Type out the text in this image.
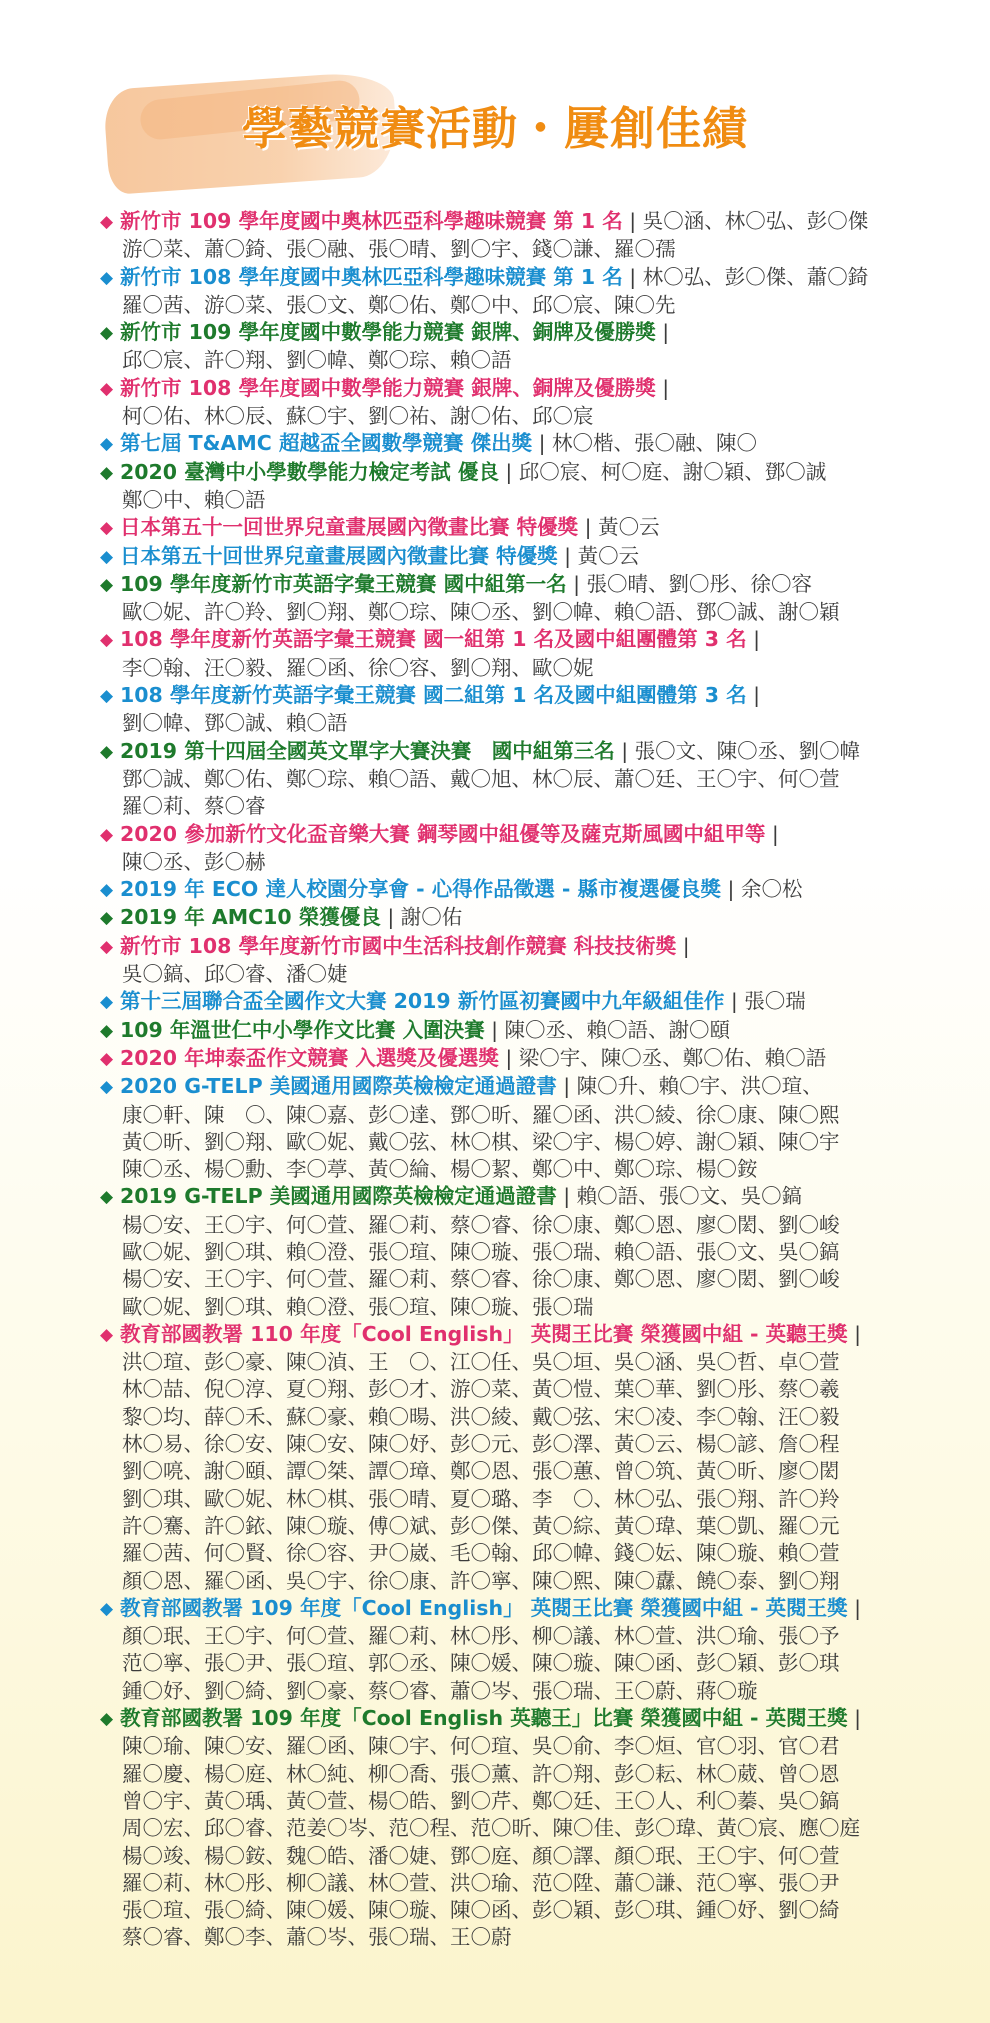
學藝競賽活動・屢創佳績
◆ 新竹市 109 學年度國中奧林匹亞科學趣味競賽 第 1 名 | 吳〇涵、林〇弘、彭〇傑
游〇菜、蕭〇錡、張〇融、張〇晴、劉〇宇、錢〇謙、羅〇孺
◆ 新竹市 108 學年度國中奧林匹亞科學趣味競賽 第 1 名 | 林〇弘、彭〇傑、蕭〇錡
羅〇茜、游〇菜、張〇文、鄭〇佑、鄭〇中、邱〇宸、陳〇先
◆ 新竹市 109 學年度國中數學能力競賽 銀牌、銅牌及優勝獎 |
邱〇宸、許〇翔、劉〇幃、鄭〇琮、賴〇語
◆ 新竹市 108 學年度國中數學能力競賽 銀牌、銅牌及優勝獎 |
柯〇佑、林〇辰、蘇〇宇、劉〇祐、謝〇佑、邱〇宸
◆ 第七屆 T&AMC 超越盃全國數學競賽 傑出獎 | 林〇楷、張〇融、陳〇
◆ 2020 臺灣中小學數學能力檢定考試 優良 | 邱〇宸、柯〇庭、謝〇穎、鄧〇誠
鄭〇中、賴〇語
◆ 日本第五十一回世界兒童畫展國內徵畫比賽 特優獎 | 黃〇云
◆ 日本第五十回世界兒童畫展國內徵畫比賽 特優獎 | 黃〇云
◆ 109 學年度新竹市英語字彙王競賽 國中組第一名 | 張〇晴、劉〇彤、徐〇容
歐〇妮、許〇羚、劉〇翔、鄭〇琮、陳〇丞、劉〇幃、賴〇語、鄧〇誠、謝〇穎
◆ 108 學年度新竹英語字彙王競賽 國一組第 1 名及國中組團體第 3 名 |
李〇翰、汪〇毅、羅〇函、徐〇容、劉〇翔、歐〇妮
◆ 108 學年度新竹英語字彙王競賽 國二組第 1 名及國中組團體第 3 名 |
劉〇幃、鄧〇誠、賴〇語
◆ 2019 第十四屆全國英文單字大賽決賽　國中組第三名 | 張〇文、陳〇丞、劉〇幃
鄧〇誠、鄭〇佑、鄭〇琮、賴〇語、戴〇旭、林〇辰、蕭〇廷、王〇宇、何〇萱
羅〇莉、蔡〇睿
◆ 2020 參加新竹文化盃音樂大賽 鋼琴國中組優等及薩克斯風國中組甲等 |
陳〇丞、彭〇赫
◆ 2019 年 ECO 達人校園分享會 - 心得作品徵選 - 縣市複選優良獎 | 余〇松
◆ 2019 年 AMC10 榮獲優良 | 謝〇佑
◆ 新竹市 108 學年度新竹市國中生活科技創作競賽 科技技術獎 |
吳〇鎬、邱〇睿、潘〇婕
◆ 第十三屆聯合盃全國作文大賽 2019 新竹區初賽國中九年級組佳作 | 張〇瑞
◆ 109 年溫世仁中小學作文比賽 入圍決賽 | 陳〇丞、賴〇語、謝〇頤
◆ 2020 年坤泰盃作文競賽 入選獎及優選獎 | 梁〇宇、陳〇丞、鄭〇佑、賴〇語
◆ 2020 G-TELP 美國通用國際英檢檢定通過證書 | 陳〇升、賴〇宇、洪〇瑄、
康〇軒、陳　〇、陳〇嘉、彭〇達、鄧〇昕、羅〇函、洪〇綾、徐〇康、陳〇熙
黃〇昕、劉〇翔、歐〇妮、戴〇弦、林〇棋、梁〇宇、楊〇婷、謝〇穎、陳〇宇
陳〇丞、楊〇勳、李〇葶、黃〇綸、楊〇絜、鄭〇中、鄭〇琮、楊〇銨
◆ 2019 G-TELP 美國通用國際英檢檢定通過證書 | 賴〇語、張〇文、吳〇鎬
楊〇安、王〇宇、何〇萱、羅〇莉、蔡〇睿、徐〇康、鄭〇恩、廖〇閎、劉〇峻
歐〇妮、劉〇琪、賴〇澄、張〇瑄、陳〇璇、張〇瑞、賴〇語、張〇文、吳〇鎬
楊〇安、王〇宇、何〇萱、羅〇莉、蔡〇睿、徐〇康、鄭〇恩、廖〇閎、劉〇峻
歐〇妮、劉〇琪、賴〇澄、張〇瑄、陳〇璇、張〇瑞
◆ 教育部國教署 110 年度「Cool English」 英閱王比賽 榮獲國中組 - 英聽王獎 |
洪〇瑄、彭〇豪、陳〇湞、王　〇、江〇任、吳〇垣、吳〇涵、吳〇哲、卓〇萱
林〇喆、倪〇淳、夏〇翔、彭〇才、游〇菜、黃〇愷、葉〇華、劉〇彤、蔡〇羲
黎〇均、薛〇禾、蘇〇豪、賴〇暘、洪〇綾、戴〇弦、宋〇凌、李〇翰、汪〇毅
林〇易、徐〇安、陳〇安、陳〇妤、彭〇元、彭〇澤、黃〇云、楊〇諺、詹〇程
劉〇喨、謝〇頤、譚〇桀、譚〇璋、鄭〇恩、張〇蕙、曾〇筑、黃〇昕、廖〇閎
劉〇琪、歐〇妮、林〇棋、張〇晴、夏〇璐、李　〇、林〇弘、張〇翔、許〇羚
許〇騫、許〇銥、陳〇璇、傅〇斌、彭〇傑、黃〇綜、黃〇瑋、葉〇凱、羅〇元
羅〇茜、何〇賢、徐〇容、尹〇崴、毛〇翰、邱〇幃、錢〇妘、陳〇璇、賴〇萱
顏〇恩、羅〇函、吳〇宇、徐〇康、許〇寧、陳〇熙、陳〇纛、饒〇泰、劉〇翔
◆ 教育部國教署 109 年度「Cool English」 英閱王比賽 榮獲國中組 - 英閱王獎 |
顏〇珉、王〇宇、何〇萱、羅〇莉、林〇彤、柳〇議、林〇萱、洪〇瑜、張〇予
范〇寧、張〇尹、張〇瑄、郭〇丞、陳〇媛、陳〇璇、陳〇函、彭〇穎、彭〇琪
鍾〇妤、劉〇綺、劉〇豪、蔡〇睿、蕭〇岑、張〇瑞、王〇蔚、蔣〇璇
◆ 教育部國教署 109 年度「Cool English 英聽王」比賽 榮獲國中組 - 英閱王獎 |
陳〇瑜、陳〇安、羅〇函、陳〇宇、何〇瑄、吳〇俞、李〇烜、官〇羽、官〇君
羅〇慶、楊〇庭、林〇純、柳〇喬、張〇薰、許〇翔、彭〇耘、林〇葳、曾〇恩
曾〇宇、黃〇瑀、黃〇萱、楊〇皓、劉〇芹、鄭〇廷、王〇人、利〇蓁、吳〇鎬
周〇宏、邱〇睿、范姜〇岑、范〇程、范〇昕、陳〇佳、彭〇瑋、黃〇宸、應〇庭
楊〇竣、楊〇銨、魏〇皓、潘〇婕、鄧〇庭、顏〇譯、顏〇珉、王〇宇、何〇萱
羅〇莉、林〇彤、柳〇議、林〇萱、洪〇瑜、范〇陞、蕭〇謙、范〇寧、張〇尹
張〇瑄、張〇綺、陳〇媛、陳〇璇、陳〇函、彭〇穎、彭〇琪、鍾〇妤、劉〇綺
蔡〇睿、鄭〇李、蕭〇岑、張〇瑞、王〇蔚
